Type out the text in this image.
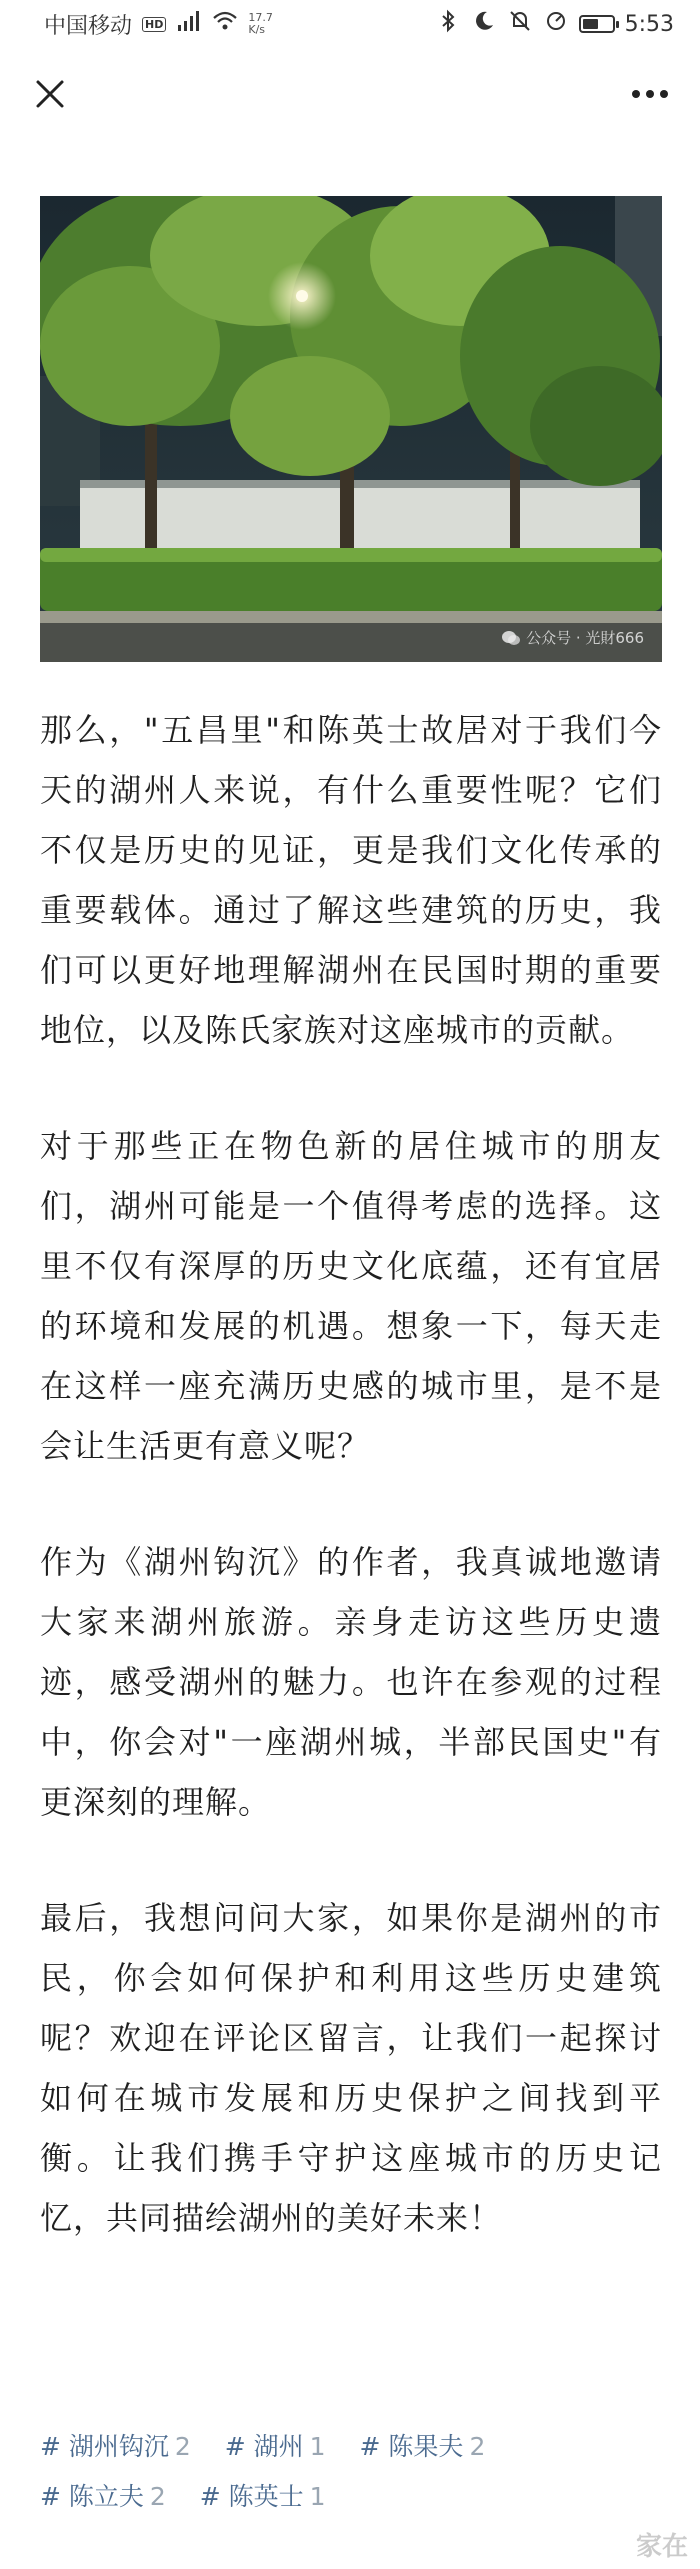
中国移动 HD	17.7
K/s	5:53
公众号 · 光財666

那么，"五昌里"和陈英士故居对于我们今天的湖州人来说，有什么重要性呢？它们不仅是历史的见证，更是我们文化传承的重要载体。通过了解这些建筑的历史，我们可以更好地理解湖州在民国时期的重要地位，以及陈氏家族对这座城市的贡献。

对于那些正在物色新的居住城市的朋友们，湖州可能是一个值得考虑的选择。这里不仅有深厚的历史文化底蕴，还有宜居的环境和发展的机遇。想象一下，每天走在这样一座充满历史感的城市里，是不是会让生活更有意义呢？

作为《湖州钩沉》的作者，我真诚地邀请大家来湖州旅游。亲身走访这些历史遗迹，感受湖州的魅力。也许在参观的过程中，你会对"一座湖州城，半部民国史"有更深刻的理解。

最后，我想问问大家，如果你是湖州的市民，你会如何保护和利用这些历史建筑呢？欢迎在评论区留言，让我们一起探讨如何在城市发展和历史保护之间找到平衡。让我们携手守护这座城市的历史记忆，共同描绘湖州的美好未来！

# 湖州钩沉 2 # 湖州 1 # 陈果夫 2
# 陈立夫 2 # 陈英士 1
家在
